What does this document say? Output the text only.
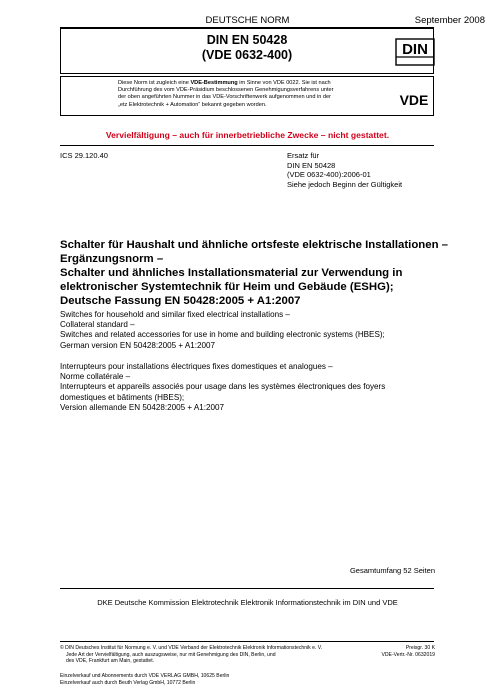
DEUTSCHE NORM	September 2008
DIN EN 50428
(VDE 0632-400)	DIN
Diese Norm ist zugleich eine VDE-Bestimmung im Sinne von VDE 0022. Sie ist nach
Durchführung des vom VDE-Präsidium beschlossenen Genehmigungsverfahrens unter
der oben angeführten Nummer in das VDE-Vorschriftenwerk aufgenommen und in der
„etz Elektrotechnik + Automation“ bekannt gegeben worden.	VDE
Vervielfältigung – auch für innerbetriebliche Zwecke – nicht gestattet.
ICS 29.120.40	Ersatz für
DIN EN 50428
(VDE 0632-400):2006-01
Siehe jedoch Beginn der Gültigkeit
Schalter für Haushalt und ähnliche ortsfeste elektrische Installationen –
Ergänzungsnorm –
Schalter und ähnliches Installationsmaterial zur Verwendung in
elektronischer Systemtechnik für Heim und Gebäude (ESHG);
Deutsche Fassung EN 50428:2005 + A1:2007
Switches for household and similar fixed electrical installations –
Collateral standard –
Switches and related accessories for use in home and building electronic systems (HBES);
German version EN 50428:2005 + A1:2007
Interrupteurs pour installations électriques fixes domestiques et analogues –
Norme collatérale –
Interrupteurs et appareils associés pour usage dans les systèmes électroniques des foyers
domestiques et bâtiments (HBES);
Version allemande EN 50428:2005 + A1:2007
Gesamtumfang 52 Seiten
DKE Deutsche Kommission Elektrotechnik Elektronik Informationstechnik im DIN und VDE
© DIN Deutsches Institut für Normung e. V. und VDE Verband der Elektrotechnik Elektronik Informationstechnik e. V.
Jede Art der Vervielfältigung, auch auszugsweise, nur mit Genehmigung des DIN, Berlin, und
des VDE, Frankfurt am Main, gestattet.
Preisgr. 30 K
VDE-Vertr.-Nr. 0632019
Einzelverkauf und Abonnements durch VDE VERLAG GMBH, 10625 Berlin
Einzelverkauf auch durch Beuth Verlag GmbH, 10772 Berlin
